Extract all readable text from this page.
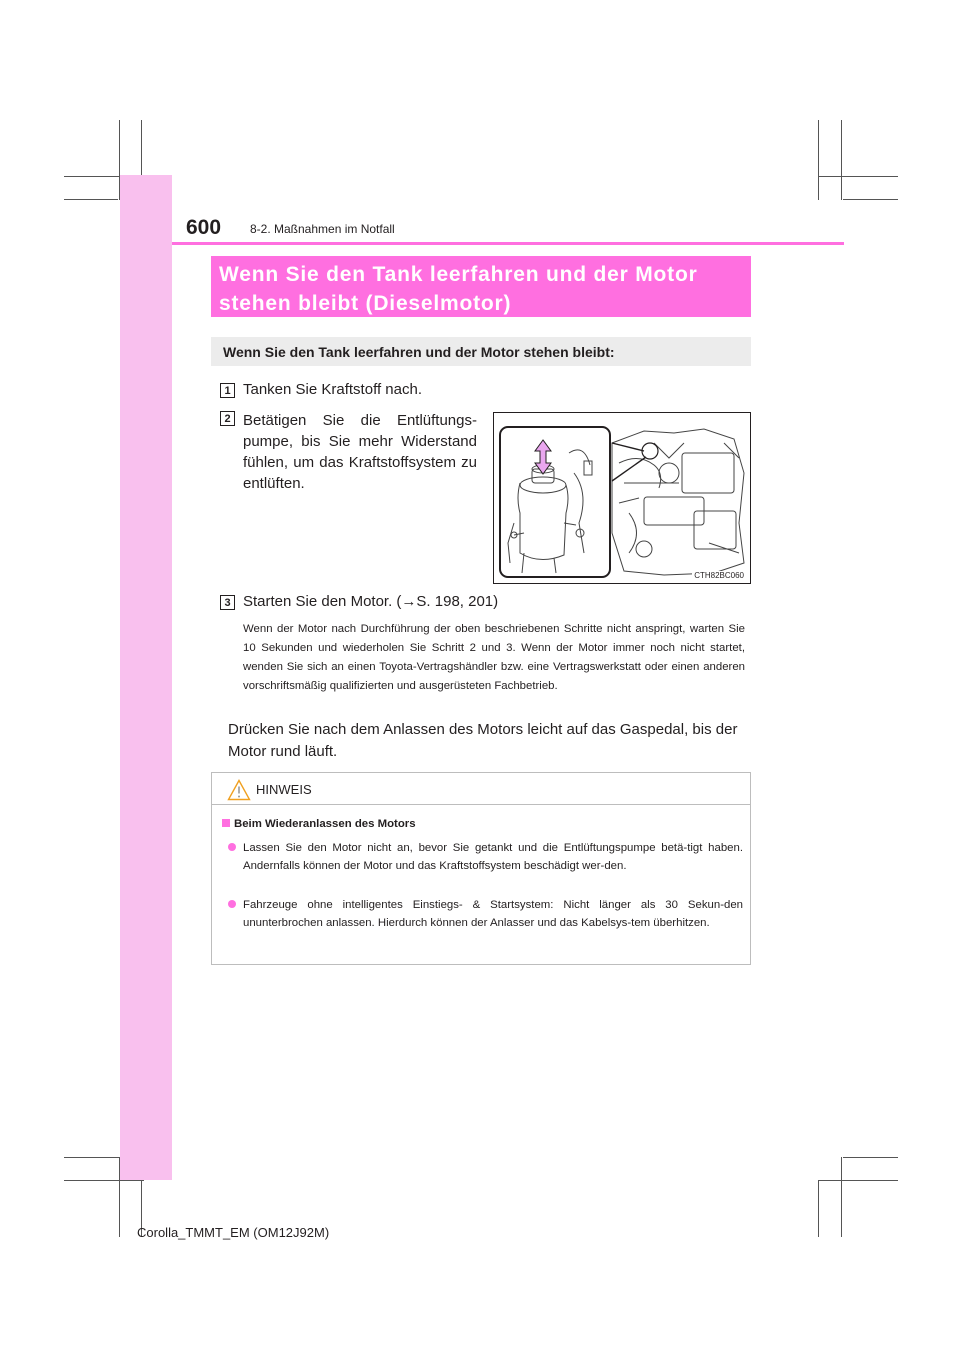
600 8-2. Maßnahmen im Notfall
Wenn Sie den Tank leerfahren und der Motor
stehen bleibt (Dieselmotor)
Wenn Sie den Tank leerfahren und der Motor stehen bleibt:
1 Tanken Sie Kraftstoff nach.
2 Betätigen Sie die Entlüftungs-pumpe, bis Sie mehr Widerstand fühlen, um das Kraftstoffsystem zu entlüften.
CTH82BC060
3 Starten Sie den Motor. (→S. 198, 201)
Wenn der Motor nach Durchführung der oben beschriebenen Schritte nicht anspringt, warten Sie 10 Sekunden und wiederholen Sie Schritt 2 und 3. Wenn der Motor immer noch nicht startet, wenden Sie sich an einen Toyota-Vertragshändler bzw. eine Vertragswerkstatt oder einen anderen vorschriftsmäßig qualifizierten und ausgerüsteten Fachbetrieb.
Drücken Sie nach dem Anlassen des Motors leicht auf das Gaspedal, bis der Motor rund läuft.
HINWEIS
Beim Wiederanlassen des Motors
Lassen Sie den Motor nicht an, bevor Sie getankt und die Entlüftungspumpe betä-tigt haben. Andernfalls können der Motor und das Kraftstoffsystem beschädigt wer-den.
Fahrzeuge ohne intelligentes Einstiegs- & Startsystem: Nicht länger als 30 Sekun-den ununterbrochen anlassen. Hierdurch können der Anlasser und das Kabelsys-tem überhitzen.
Corolla_TMMT_EM (OM12J92M)
